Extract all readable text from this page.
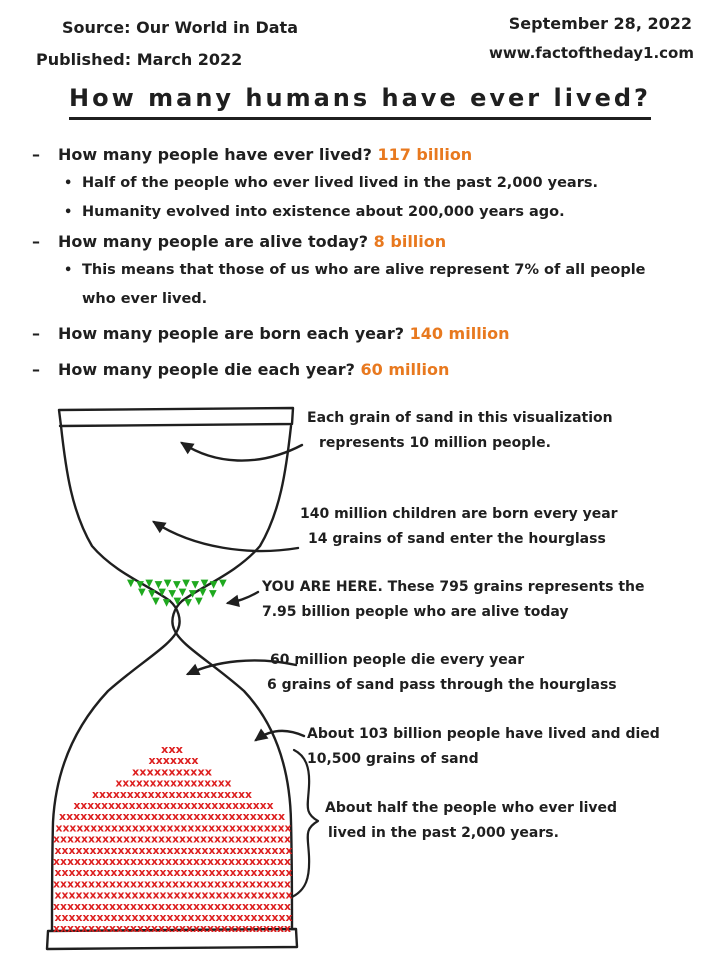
▼ ▼ ▼ ▼ ▼ ▼ ▼ ▼ ▼ ▼ ▼
▼ ▼ ▼ ▼ ▼ ▼ ▼ ▼
▼ ▼ ▼ ▼ ▼
xxx
xxxxxxx
xxxxxxxxxxx
xxxxxxxxxxxxxxxxx
xxxxxxxxxxxxxxxxxxxxxxx
xxxxxxxxxxxxxxxxxxxxxxxxxxxxx
xxxxxxxxxxxxxxxxxxxxxxxxxxxxxxxx
xxxxxxxxxxxxxxxxxxxxxxxxxxxxxxxxxx
xxxxxxxxxxxxxxxxxxxxxxxxxxxxxxxxxx
xxxxxxxxxxxxxxxxxxxxxxxxxxxxxxxxxx
xxxxxxxxxxxxxxxxxxxxxxxxxxxxxxxxxx
xxxxxxxxxxxxxxxxxxxxxxxxxxxxxxxxxx
xxxxxxxxxxxxxxxxxxxxxxxxxxxxxxxxxx
xxxxxxxxxxxxxxxxxxxxxxxxxxxxxxxxxx
xxxxxxxxxxxxxxxxxxxxxxxxxxxxxxxxxx
xxxxxxxxxxxxxxxxxxxxxxxxxxxxxxxxxx
xxxxxxxxxxxxxxxxxxxxxxxxxxxxxxxxxx
Source: Our World in Data
Published: March 2022
September 28, 2022
www.factoftheday1.com
How many humans have ever lived?
– How many people have ever lived? 117 billion
• Half of the people who ever lived lived in the past 2,000 years.
• Humanity evolved into existence about 200,000 years ago.
– How many people are alive today? 8 billion
• This means that those of us who are alive represent 7% of all people who ever lived.
– How many people are born each year? 140 million
– How many people die each year? 60 million
Each grain of sand in this visualization
represents 10 million people.
140 million children are born every year
14 grains of sand enter the hourglass
YOU ARE HERE. These 795 grains represents the
7.95 billion people who are alive today
60 million people die every year
6 grains of sand pass through the hourglass
About 103 billion people have lived and died
10,500 grains of sand
About half the people who ever lived
lived in the past 2,000 years.
